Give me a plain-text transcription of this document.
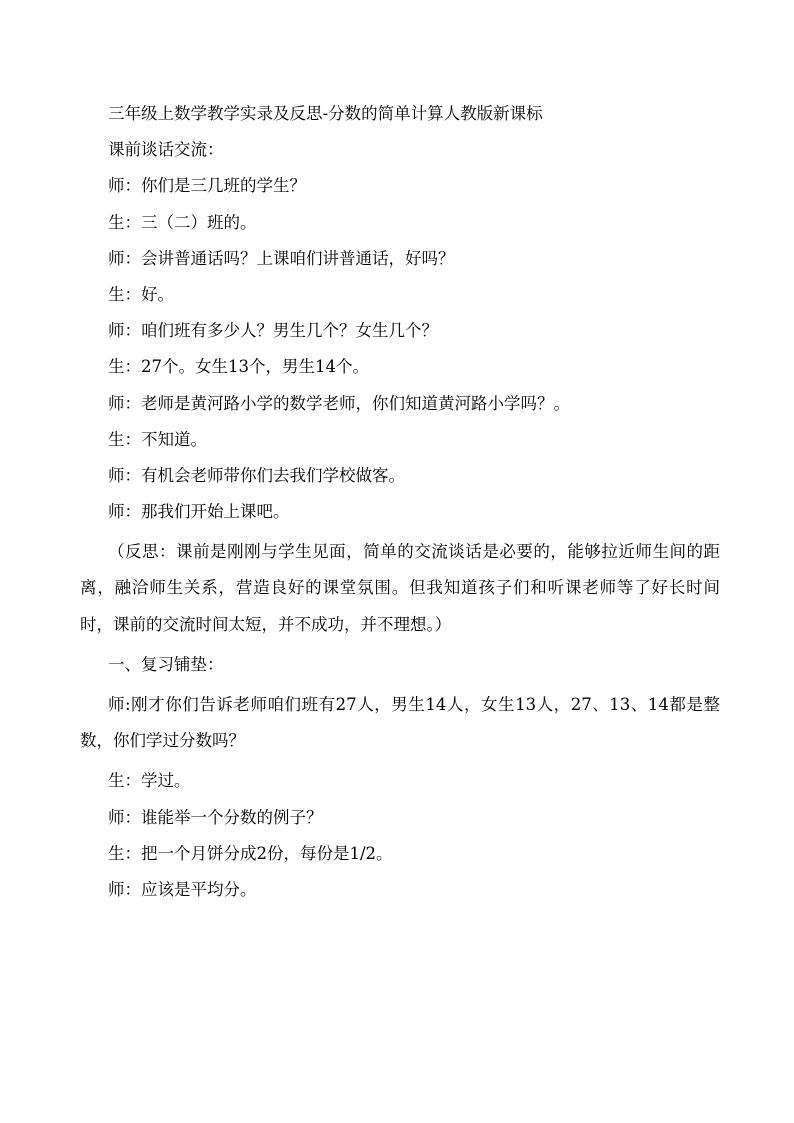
三年级上数学教学实录及反思-分数的简单计算人教版新课标
课前谈话交流：
师：你们是三几班的学生？
生：三（二）班的。
师：会讲普通话吗？上课咱们讲普通话，好吗？
生：好。
师：咱们班有多少人？男生几个？女生几个？
生：27个。女生13个，男生14个。
师：老师是黄河路小学的数学老师，你们知道黄河路小学吗？。
生：不知道。
师：有机会老师带你们去我们学校做客。
师：那我们开始上课吧。
（反思：课前是刚刚与学生见面，简单的交流谈话是必要的，能够拉近师生间的距离，融洽师生关系，营造良好的课堂氛围。但我知道孩子们和听课老师等了好长时间时，课前的交流时间太短，并不成功，并不理想。）
一、复习铺垫：
师:刚才你们告诉老师咱们班有27人，男生14人，女生13人，27、13、14都是整数，你们学过分数吗？
生：学过。
师：谁能举一个分数的例子？
生：把一个月饼分成2份，每份是1/2。
师：应该是平均分。
